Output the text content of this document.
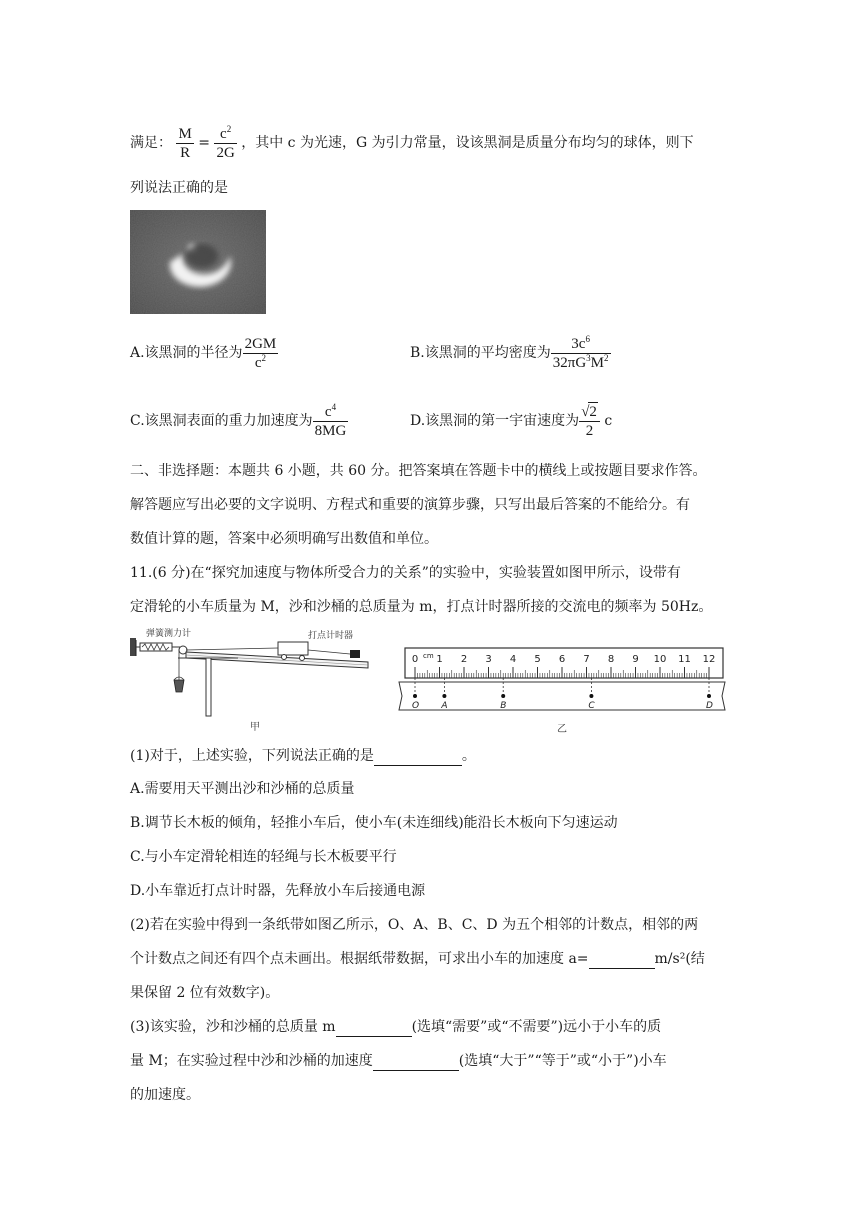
满足： $\frac{M}{R} = \frac{c^2}{2G}$ ，其中 c 为光速，G 为引力常量，设该黑洞是质量分布均匀的球体，则下
列说法正确的是
A.该黑洞的半径为 $\frac{2GM}{c^2}$	B.该黑洞的平均密度为 $\frac{3c^6}{32\pi G^3M^2}$
C.该黑洞表面的重力加速度为 $\frac{c^4}{8MG}$	D.该黑洞的第一宇宙速度为 $\frac{√2}{2}$ c
二、非选择题：本题共 6 小题，共 60 分。把答案填在答题卡中的横线上或按题目要求作答。
解答题应写出必要的文字说明、方程式和重要的演算步骤，只写出最后答案的不能给分。有
数值计算的题，答案中必须明确写出数值和单位。
11.(6 分)在“探究加速度与物体所受合力的关系”的实验中，实验装置如图甲所示，设带有
定滑轮的小车质量为 M，沙和沙桶的总质量为 m，打点计时器所接的交流电的频率为 50Hz。
弹簧测力计	打点计时器
甲
0 1 2 3 4 5 6 7 8 9 10 11 12
cm
O A	B	C	D
乙
(1)对于，上述实验，下列说法正确的是	。
A.需要用天平测出沙和沙桶的总质量
B.调节长木板的倾角，轻推小车后，使小车(未连细线)能沿长木板向下匀速运动
C.与小车定滑轮相连的轻绳与长木板要平行
D.小车靠近打点计时器，先释放小车后接通电源
(2)若在实验中得到一条纸带如图乙所示，O、A、B、C、D 为五个相邻的计数点，相邻的两
个计数点之间还有四个点未画出。根据纸带数据，可求出小车的加速度 a=	m/s²(结
果保留 2 位有效数字)。
(3)该实验，沙和沙桶的总质量 m	(选填“需要”或“不需要”)远小于小车的质
量 M；在实验过程中沙和沙桶的加速度	(选填“大于”“等于”或“小于”)小车
的加速度。
